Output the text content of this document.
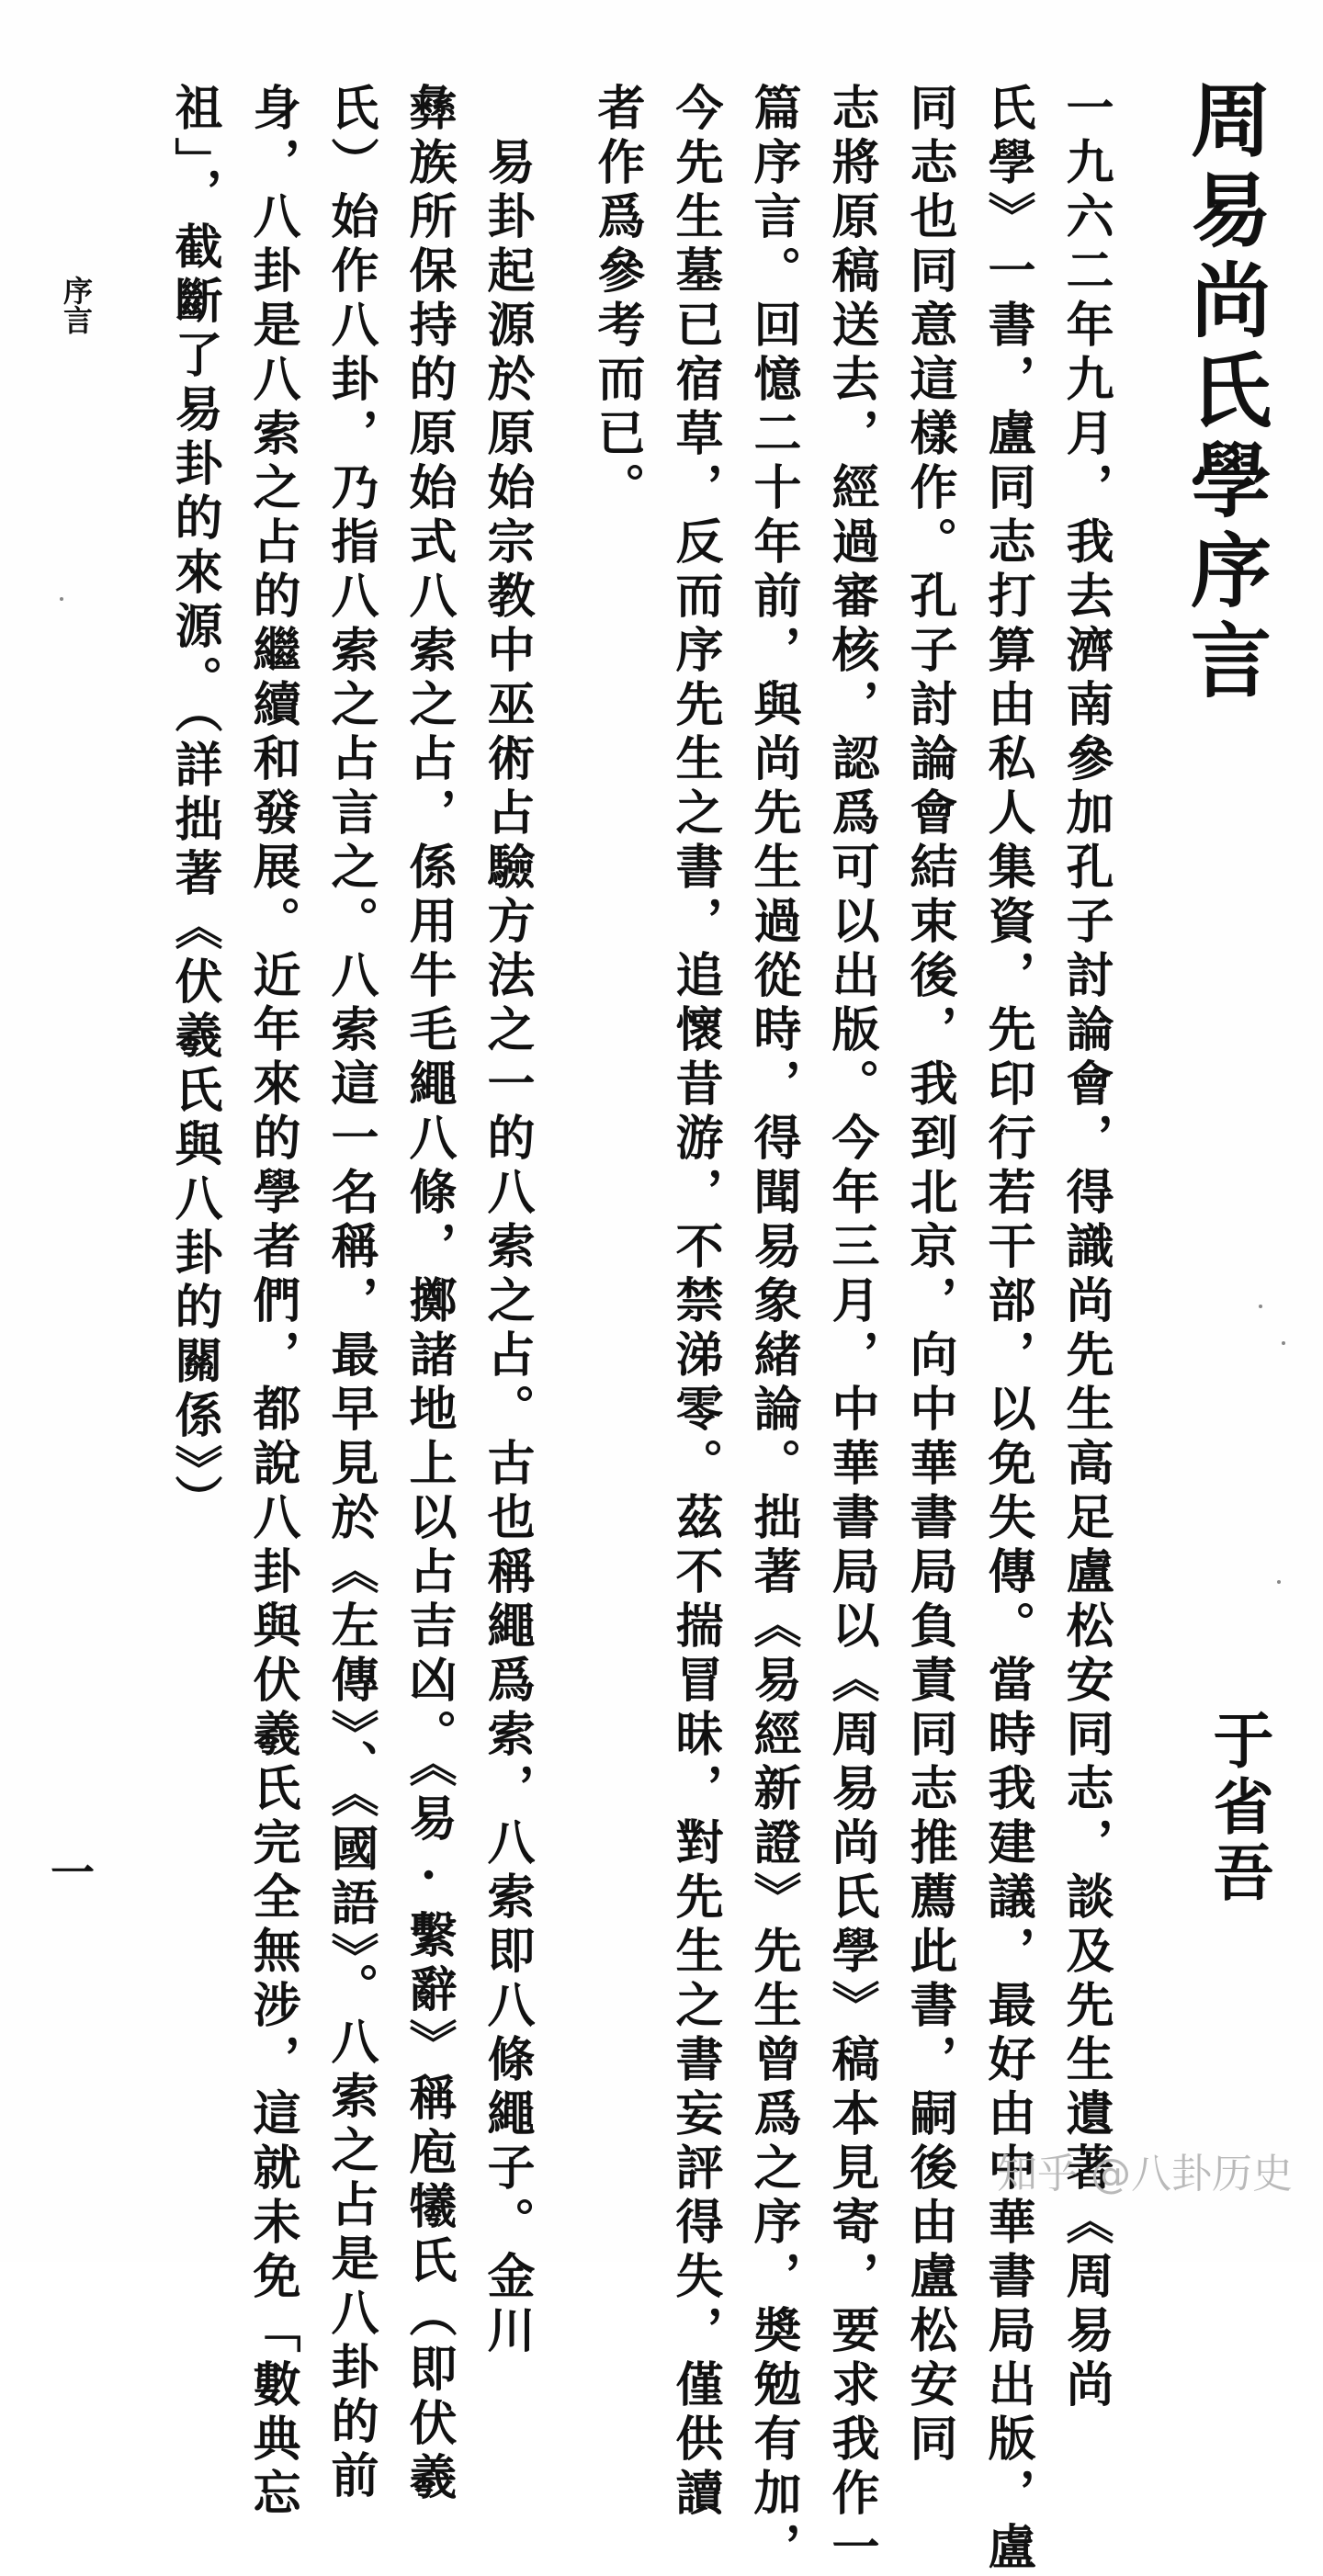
周易尚氏學序言
于省吾
一九六二年九月，我去濟南參加孔子討論會，得識尚先生高足盧松安同志，談及先生遺著《周易尚
氏學》一書，盧同志打算由私人集資，先印行若干部，以免失傳。當時我建議，最好由中華書局出版，盧
同志也同意這樣作。孔子討論會結束後，我到北京，向中華書局負責同志推薦此書，嗣後由盧松安同
志將原稿送去，經過審核，認爲可以出版。今年三月，中華書局以《周易尚氏學》稿本見寄，要求我作一
篇序言。回憶二十年前，與尚先生過從時，得聞易象緒論。拙著《易經新證》先生曾爲之序，奬勉有加，
今先生墓已宿草，反而序先生之書，追懷昔游，不禁涕零。茲不揣冒昧，對先生之書妄評得失，僅供讀
者作爲參考而已。
　易卦起源於原始宗教中巫術占驗方法之一的八索之占。古也稱繩爲索，八索即八條繩子。金川
彝族所保持的原始式八索之占，係用牛毛繩八條，擲諸地上以占吉凶。《易·繫辭》稱庖犧氏（即伏羲
氏）始作八卦，乃指八索之占言之。八索這一名稱，最早見於《左傳》、《國語》。八索之占是八卦的前
身，八卦是八索之占的繼續和發展。近年來的學者們，都說八卦與伏羲氏完全無涉，這就未免「數典忘
祖」，截斷了易卦的來源。（詳拙著《伏羲氏與八卦的關係》）
序言
一
知乎 @八卦历史
